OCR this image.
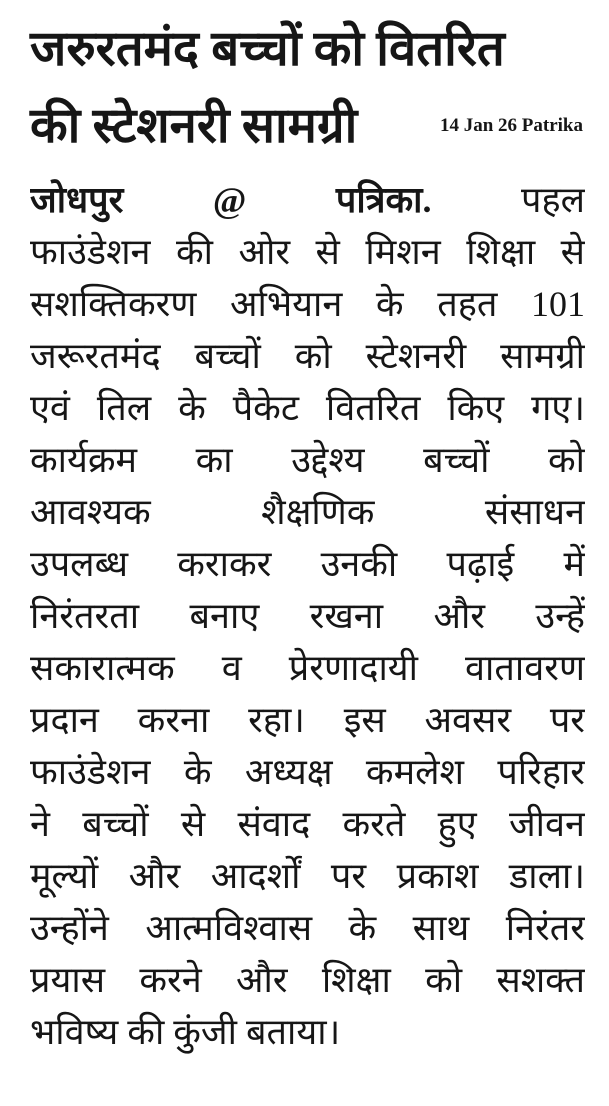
जरुरतमंद बच्चों को वितरित
की स्टेशनरी सामग्री	14 Jan 26 Patrika
जोधपुर @ पत्रिका. पहल
फाउंडेशन की ओर से मिशन शिक्षा से
सशक्तिकरण अभियान के तहत 101
जरूरतमंद बच्चों को स्टेशनरी सामग्री
एवं तिल के पैकेट वितरित किए गए।
कार्यक्रम का उद्देश्य बच्चों को
आवश्यक शैक्षणिक संसाधन
उपलब्ध कराकर उनकी पढ़ाई में
निरंतरता बनाए रखना और उन्हें
सकारात्मक व प्रेरणादायी वातावरण
प्रदान करना रहा। इस अवसर पर
फाउंडेशन के अध्यक्ष कमलेश परिहार
ने बच्चों से संवाद करते हुए जीवन
मूल्यों और आदर्शों पर प्रकाश डाला।
उन्होंने आत्मविश्वास के साथ निरंतर
प्रयास करने और शिक्षा को सशक्त
भविष्य की कुंजी बताया।
